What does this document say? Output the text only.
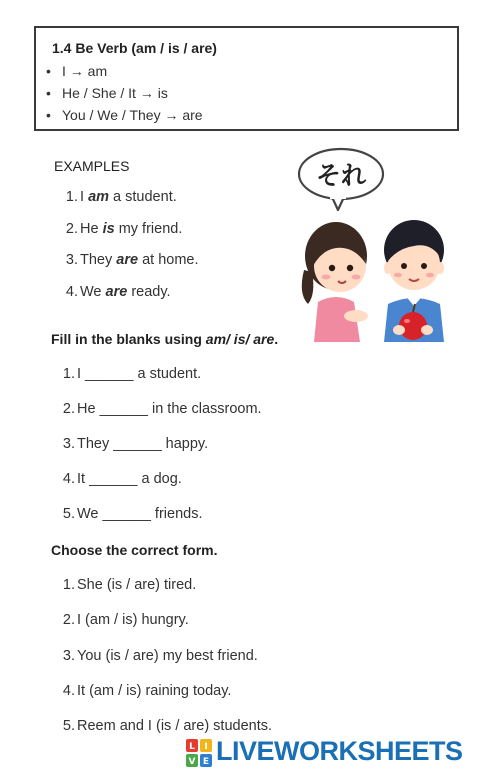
1.4 Be Verb (am / is / are)
• I → am
• He / She / It → is
• You / We / They → are
EXAMPLES
1. I am a student.
2. He is my friend.
3. They are at home.
4. We are ready.
それ
Fill in the blanks using am/ is/ are.
1. I ______ a student.
2. He ______ in the classroom.
3. They ______ happy.
4. It ______ a dog.
5. We ______ friends.
Choose the correct form.
1. She (is / are) tired.
2. I (am / is) hungry.
3. You (is / are) my best friend.
4. It (am / is) raining today.
5. Reem and I (is / are) students.
L I
V E LIVEWORKSHEETS
